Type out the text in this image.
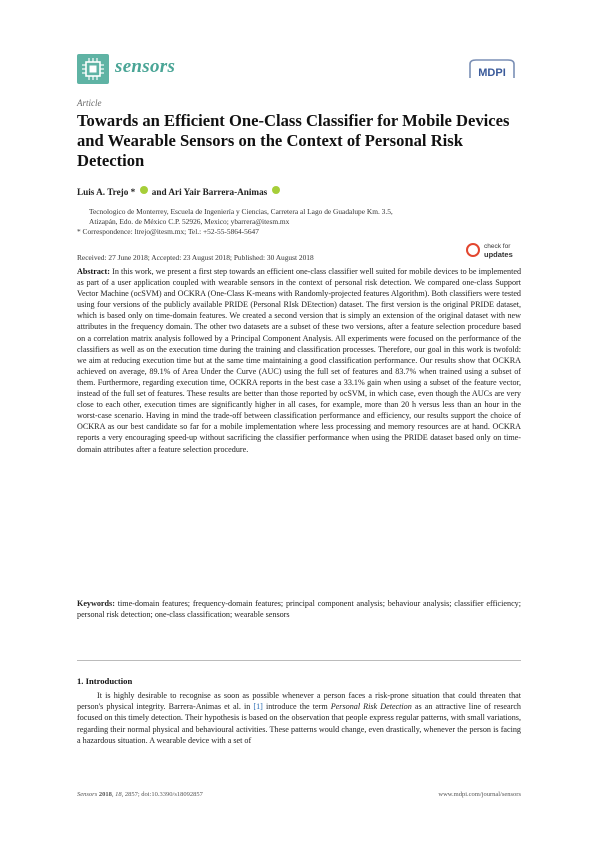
sensors	MDPI
Article
Towards an Efficient One-Class Classifier for Mobile Devices and Wearable Sensors on the Context of Personal Risk Detection
Luis A. Trejo * and Ari Yair Barrera-Animas
Tecnologico de Monterrey, Escuela de Ingeniería y Ciencias, Carretera al Lago de Guadalupe Km. 3.5,
Atizapán, Edo. de México C.P. 52926, Mexico; ybarrera@itesm.mx
* Correspondence: ltrejo@itesm.mx; Tel.: +52-55-5864-5647
check for
updates
Received: 27 June 2018; Accepted: 23 August 2018; Published: 30 August 2018

Abstract: In this work, we present a first step towards an efficient one-class classifier well suited for mobile devices to be implemented as part of a user application coupled with wearable sensors in the context of personal risk detection. We compared one-class Support Vector Machine (ocSVM) and OCKRA (One-Class K-means with Randomly-projected features Algorithm). Both classifiers were tested using four versions of the publicly available PRIDE (Personal RIsk DEtection) dataset. The first version is the original PRIDE dataset, which is based only on time-domain features. We created a second version that is simply an extension of the original dataset with new attributes in the frequency domain. The other two datasets are a subset of these two versions, after a feature selection procedure based on a correlation matrix analysis followed by a Principal Component Analysis. All experiments were focused on the performance of the classifiers as well as on the execution time during the training and classification processes. Therefore, our goal in this work is twofold: we aim at reducing execution time but at the same time maintaining a good classification performance. Our results show that OCKRA achieved on average, 89.1% of Area Under the Curve (AUC) using the full set of features and 83.7% when trained using a subset of them. Furthermore, regarding execution time, OCKRA reports in the best case a 33.1% gain when using a subset of the feature vector, instead of the full set of features. These results are better than those reported by ocSVM, in which case, even though the AUCs are very close to each other, execution times are significantly higher in all cases, for example, more than 20 h versus less than an hour in the worst-case scenario. Having in mind the trade-off between classification performance and efficiency, our results support the choice of OCKRA as our best candidate so far for a mobile implementation where less processing and memory resources are at hand. OCKRA reports a very encouraging speed-up without sacrificing the classifier performance when using the PRIDE dataset based only on time-domain attributes after a feature selection procedure.

Keywords: time-domain features; frequency-domain features; principal component analysis; behaviour analysis; classifier efficiency; personal risk detection; one-class classification; wearable sensors

1. Introduction

It is highly desirable to recognise as soon as possible whenever a person faces a risk-prone situation that could threaten that person's physical integrity. Barrera-Animas et al. in [1] introduce the term Personal Risk Detection as an attractive line of research focused on this timely detection. Their hypothesis is based on the observation that people express regular patterns, with small variations, regarding their normal physical and behavioural activities. These patterns would change, even drastically, whenever the person is facing a hazardous situation. A wearable device with a set of

Sensors 2018, 18, 2857; doi:10.3390/s18092857	www.mdpi.com/journal/sensors
